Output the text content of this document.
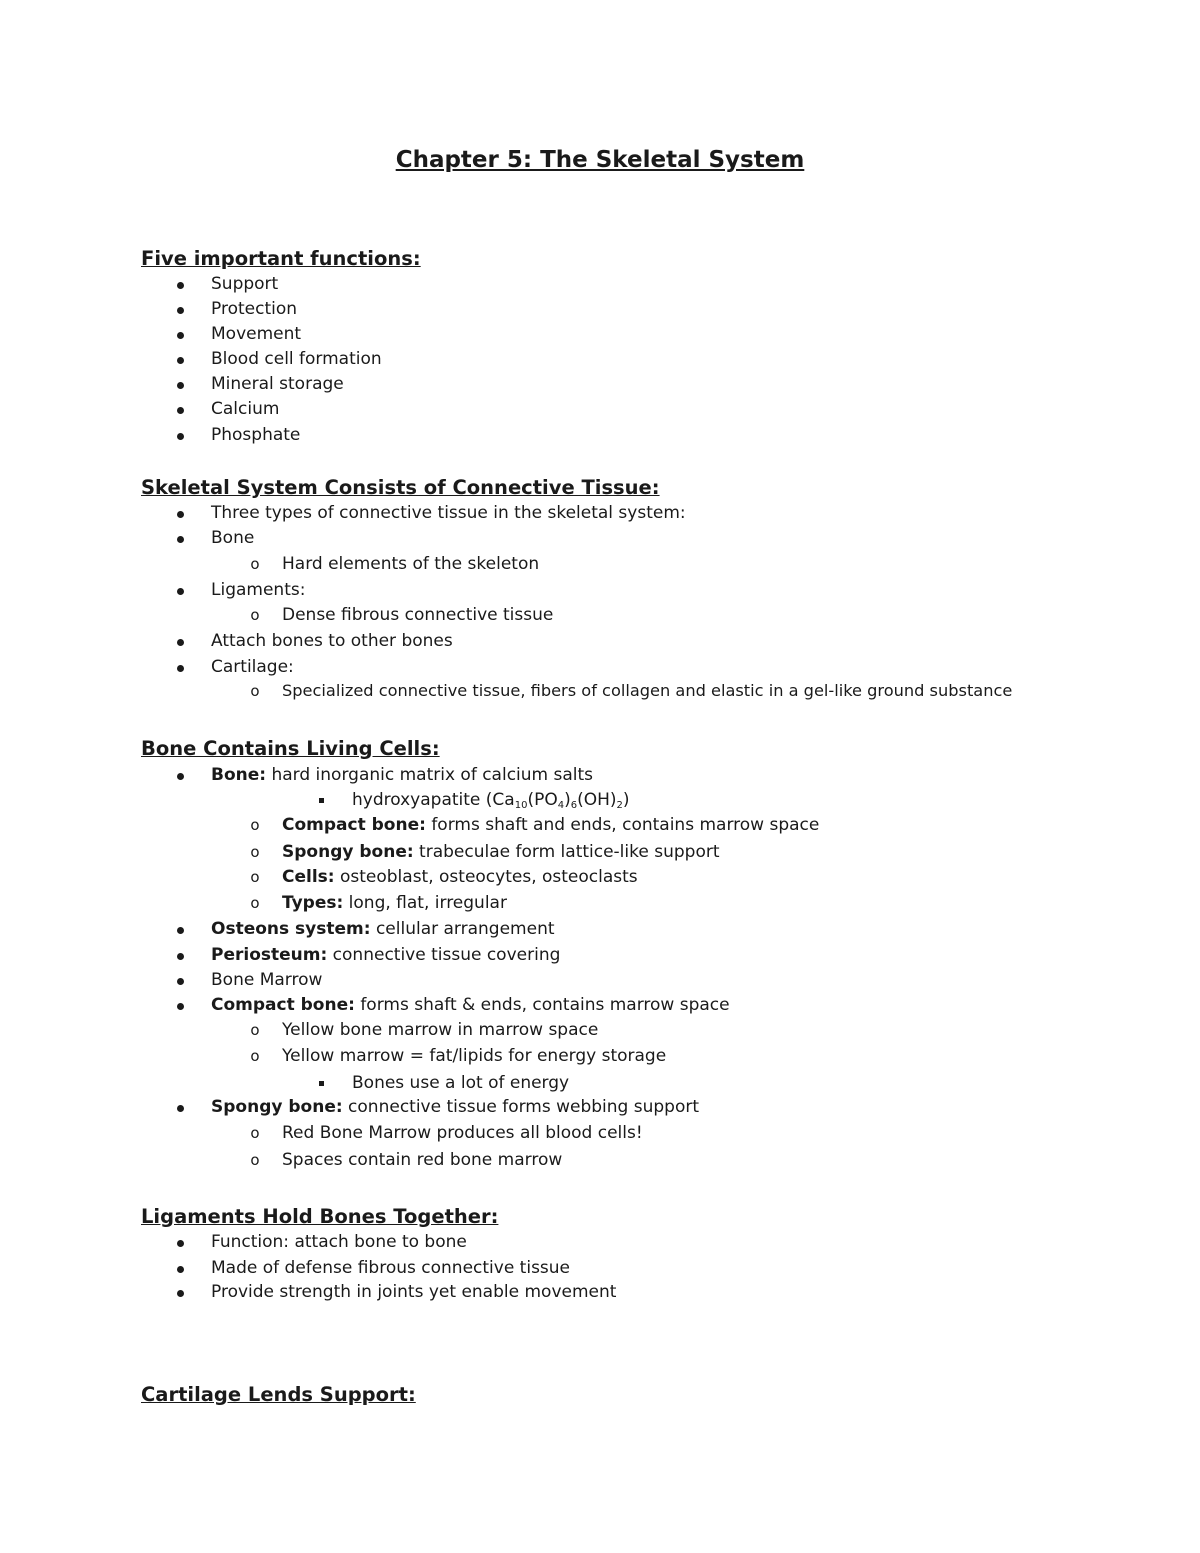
Chapter 5: The Skeletal System
Five important functions:
Support
Protection
Movement
Blood cell formation
Mineral storage
Calcium
Phosphate
Skeletal System Consists of Connective Tissue:
Three types of connective tissue in the skeletal system:
Bone
o	Hard elements of the skeleton
Ligaments:
o	Dense fibrous connective tissue
Attach bones to other bones
Cartilage:
o	Specialized connective tissue, fibers of collagen and elastic in a gel-like ground substance
Bone Contains Living Cells:
Bone: hard inorganic matrix of calcium salts
hydroxyapatite $(Ca_{10}(PO_4)_6(OH)_2)$
o	Compact bone: forms shaft and ends, contains marrow space
o	Spongy bone: trabeculae form lattice-like support
o	Cells: osteoblast, osteocytes, osteoclasts
o	Types: long, flat, irregular
Osteons system: cellular arrangement
Periosteum: connective tissue covering
Bone Marrow
Compact bone: forms shaft & ends, contains marrow space
o	Yellow bone marrow in marrow space
o	Yellow marrow = fat/lipids for energy storage
Bones use a lot of energy
Spongy bone: connective tissue forms webbing support
o	Red Bone Marrow produces all blood cells!
o	Spaces contain red bone marrow
Ligaments Hold Bones Together:
Function: attach bone to bone
Made of defense fibrous connective tissue
Provide strength in joints yet enable movement
Cartilage Lends Support:
